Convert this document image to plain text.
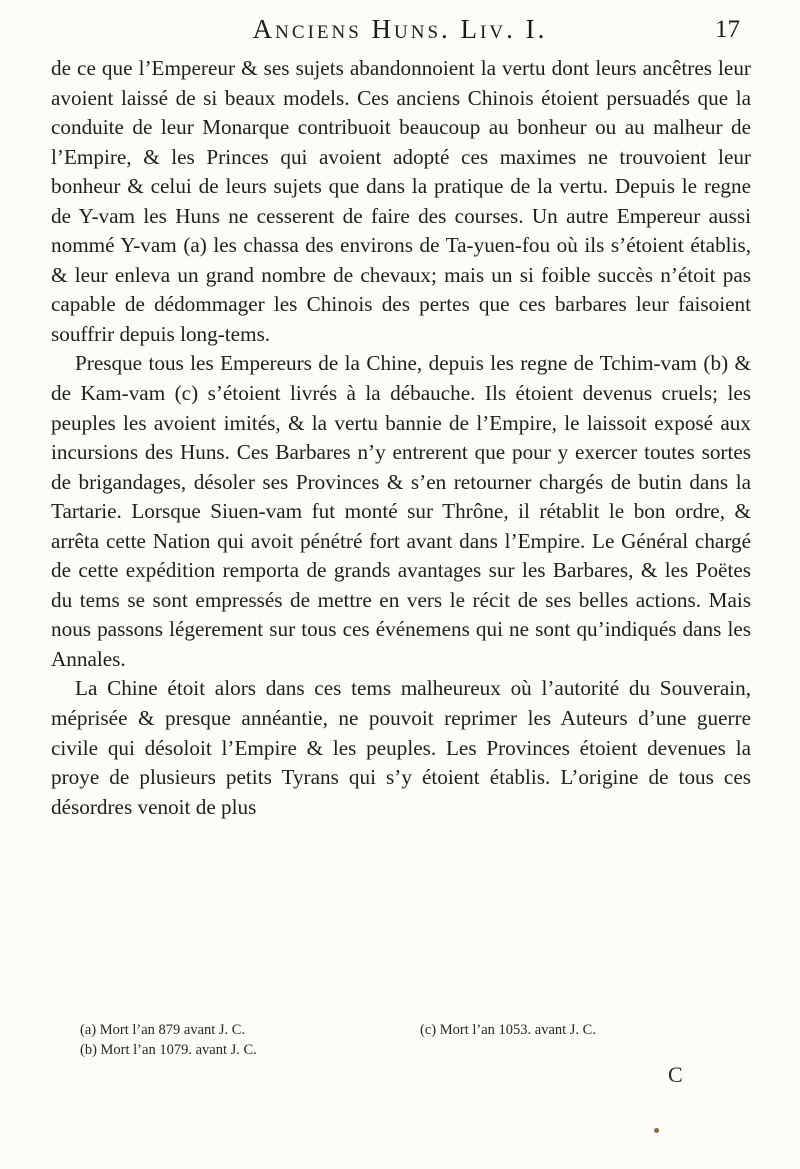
Anciens Huns. Liv. I.	17

de ce que l’Empereur & ses sujets abandonnoient la vertu dont leurs ancêtres leur avoient laissé de si beaux models. Ces anciens Chinois étoient persuadés que la conduite de leur Monarque contribuoit beaucoup au bonheur ou au malheur de l’Empire, & les Princes qui avoient adopté ces maximes ne trouvoient leur bonheur & celui de leurs sujets que dans la pratique de la vertu. Depuis le regne de Y-vam les Huns ne cesserent de faire des courses. Un autre Empereur aussi nommé Y-vam (a) les chassa des environs de Ta-yuen-fou où ils s’étoient établis, & leur enleva un grand nombre de chevaux; mais un si foible succès n’étoit pas capable de dédommager les Chinois des pertes que ces barbares leur faisoient souffrir depuis long-tems.

Presque tous les Empereurs de la Chine, depuis les regne de Tchim-vam (b) & de Kam-vam (c) s’étoient livrés à la débauche. Ils étoient devenus cruels; les peuples les avoient imités, & la vertu bannie de l’Empire, le laissoit exposé aux incursions des Huns. Ces Barbares n’y entrerent que pour y exercer toutes sortes de brigandages, désoler ses Provinces & s’en retourner chargés de butin dans la Tartarie. Lorsque Siuen-vam fut monté sur Thrône, il rétablit le bon ordre, & arrêta cette Nation qui avoit pénétré fort avant dans l’Empire. Le Général chargé de cette expédition remporta de grands avantages sur les Barbares, & les Poëtes du tems se sont empressés de mettre en vers le récit de ses belles actions. Mais nous passons légerement sur tous ces événemens qui ne sont qu’indiqués dans les Annales.

La Chine étoit alors dans ces tems malheureux où l’autorité du Souverain, méprisée & presque annéantie, ne pouvoit reprimer les Auteurs d’une guerre civile qui désoloit l’Empire & les peuples. Les Provinces étoient devenues la proye de plusieurs petits Tyrans qui s’y étoient établis. L’origine de tous ces désordres venoit de plus

(a) Mort l’an 879 avant J. C.	(c) Mort l’an 1053. avant J. C.
(b) Mort l’an 1079. avant J. C.
C
